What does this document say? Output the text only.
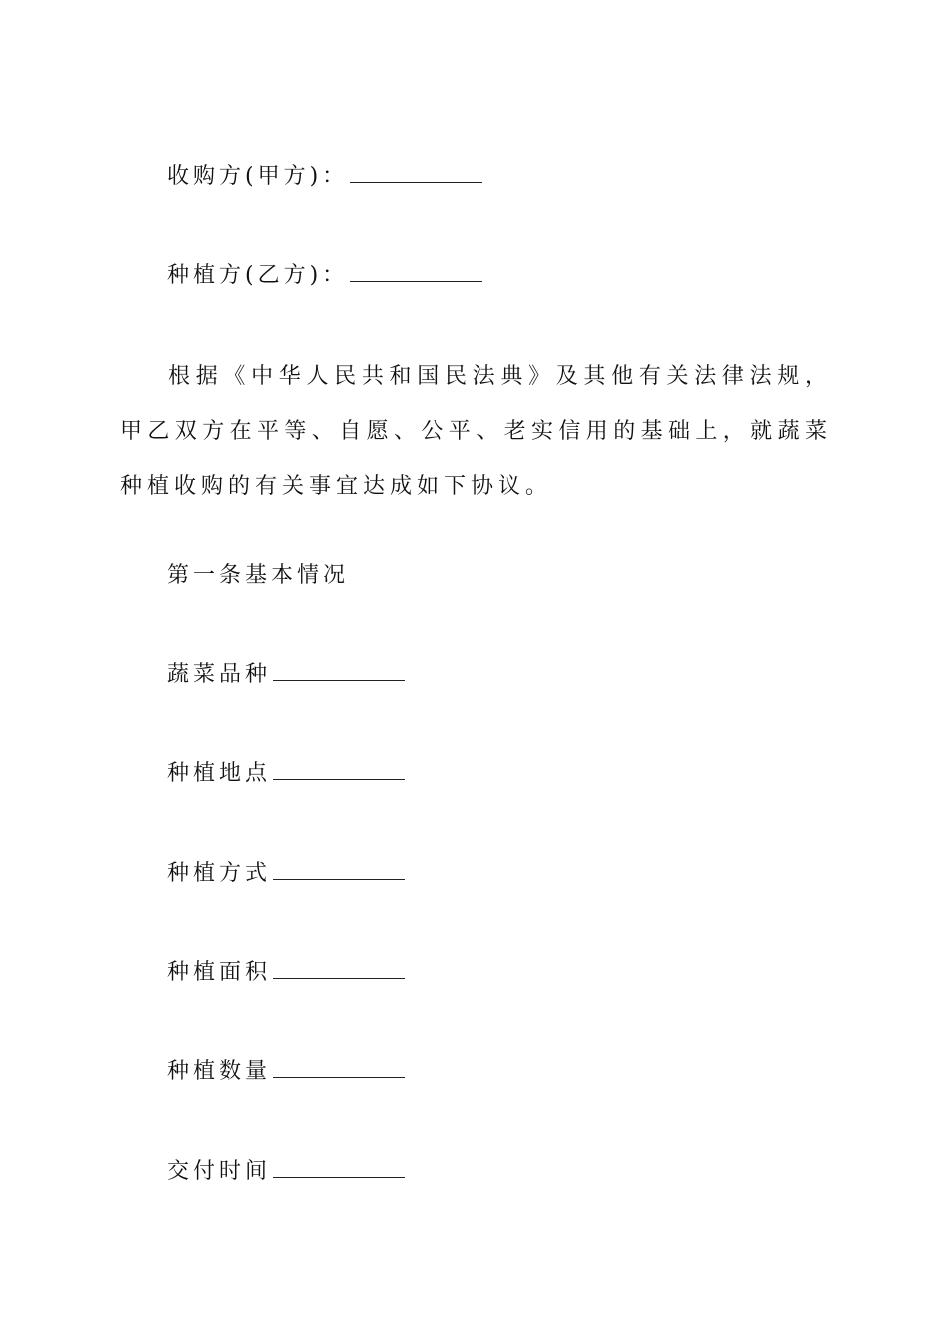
收购方(甲方)：
种植方(乙方)：
根据《中华人民共和国民法典》及其他有关法律法规，甲乙双方在平等、自愿、公平、老实信用的基础上，就蔬菜种植收购的有关事宜达成如下协议。
第一条基本情况
蔬菜品种
种植地点
种植方式
种植面积
种植数量
交付时间
